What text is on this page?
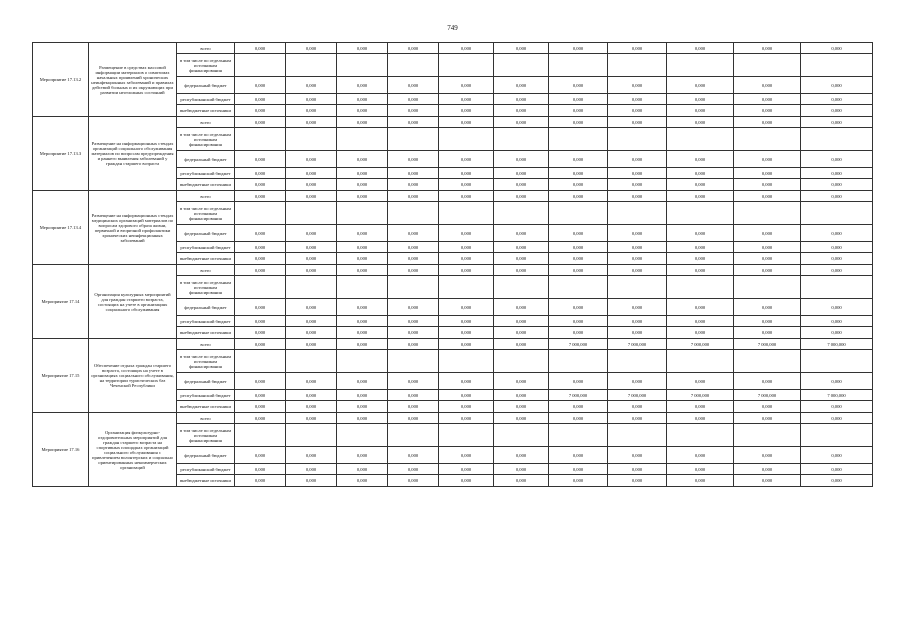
749
Мероприятие 17.13.2	Размещение в средствах массовой информации материалов о симптомах начальных проявлений хронических неинфекционных заболеваний и правилах действий больных и их окружающих при развитии неотложных состояний	всего	0,000	0,000	0,000	0,000	0,000	0,000	0,000	0,000	0,000	0,000	0,000
		в том числе по отдельным источникам финансирования											
		федеральный бюджет	0,000	0,000	0,000	0,000	0,000	0,000	0,000	0,000	0,000	0,000	0,000
		республиканский бюджет	0,000	0,000	0,000	0,000	0,000	0,000	0,000	0,000	0,000	0,000	0,000
		внебюджетные источники	0,000	0,000	0,000	0,000	0,000	0,000	0,000	0,000	0,000	0,000	0,000
Мероприятие 17.13.3	Размещение на информационных стендах организаций социального обслуживания материалов по вопросам предупреждения и раннего выявления заболеваний у граждан старшего возраста	всего	0,000	0,000	0,000	0,000	0,000	0,000	0,000	0,000	0,000	0,000	0,000
		в том числе по отдельным источникам финансирования											
		федеральный бюджет	0,000	0,000	0,000	0,000	0,000	0,000	0,000	0,000	0,000	0,000	0,000
		республиканский бюджет	0,000	0,000	0,000	0,000	0,000	0,000	0,000	0,000	0,000	0,000	0,000
		внебюджетные источники	0,000	0,000	0,000	0,000	0,000	0,000	0,000	0,000	0,000	0,000	0,000
Мероприятие 17.13.4	Размещение на информационных стендах медицинских организаций материалов по вопросам здорового образа жизни, первичной и вторичной профилактики хронических неинфекционных заболеваний	всего	0,000	0,000	0,000	0,000	0,000	0,000	0,000	0,000	0,000	0,000	0,000
		в том числе по отдельным источникам финансирования											
		федеральный бюджет	0,000	0,000	0,000	0,000	0,000	0,000	0,000	0,000	0,000	0,000	0,000
		республиканский бюджет	0,000	0,000	0,000	0,000	0,000	0,000	0,000	0,000	0,000	0,000	0,000
		внебюджетные источники	0,000	0,000	0,000	0,000	0,000	0,000	0,000	0,000	0,000	0,000	0,000
Мероприятие 17.14	Организация культурных мероприятий для граждан старшего возраста, состоящих на учете в организациях социального обслуживания	всего	0,000	0,000	0,000	0,000	0,000	0,000	0,000	0,000	0,000	0,000	0,000
		в том числе по отдельным источникам финансирования											
		федеральный бюджет	0,000	0,000	0,000	0,000	0,000	0,000	0,000	0,000	0,000	0,000	0,000
		республиканский бюджет	0,000	0,000	0,000	0,000	0,000	0,000	0,000	0,000	0,000	0,000	0,000
		внебюджетные источники	0,000	0,000	0,000	0,000	0,000	0,000	0,000	0,000	0,000	0,000	0,000
Мероприятие 17.15	Обеспечение отдыха граждан старшего возраста, состоящих на учете в организациях социального обслуживания, на территории туристических баз Чеченской Республики	всего	0,000	0,000	0,000	0,000	0,000	0,000	7 000,000	7 000,000	7 000,000	7 000,000	7 000,000
		в том числе по отдельным источникам финансирования											
		федеральный бюджет	0,000	0,000	0,000	0,000	0,000	0,000	0,000	0,000	0,000	0,000	0,000
		республиканский бюджет	0,000	0,000	0,000	0,000	0,000	0,000	7 000,000	7 000,000	7 000,000	7 000,000	7 000,000
		внебюджетные источники	0,000	0,000	0,000	0,000	0,000	0,000	0,000	0,000	0,000	0,000	0,000
Мероприятие 17.16	Организация физкультурно-оздоровительных мероприятий для граждан старшего возраста на спортивных площадках организаций социального обслуживания с привлечением волонтерских и социально ориентированных некоммерческих организаций	всего	0,000	0,000	0,000	0,000	0,000	0,000	0,000	0,000	0,000	0,000	0,000
		в том числе по отдельным источникам финансирования											
		федеральный бюджет	0,000	0,000	0,000	0,000	0,000	0,000	0,000	0,000	0,000	0,000	0,000
		республиканский бюджет	0,000	0,000	0,000	0,000	0,000	0,000	0,000	0,000	0,000	0,000	0,000
		внебюджетные источники	0,000	0,000	0,000	0,000	0,000	0,000	0,000	0,000	0,000	0,000	0,000
